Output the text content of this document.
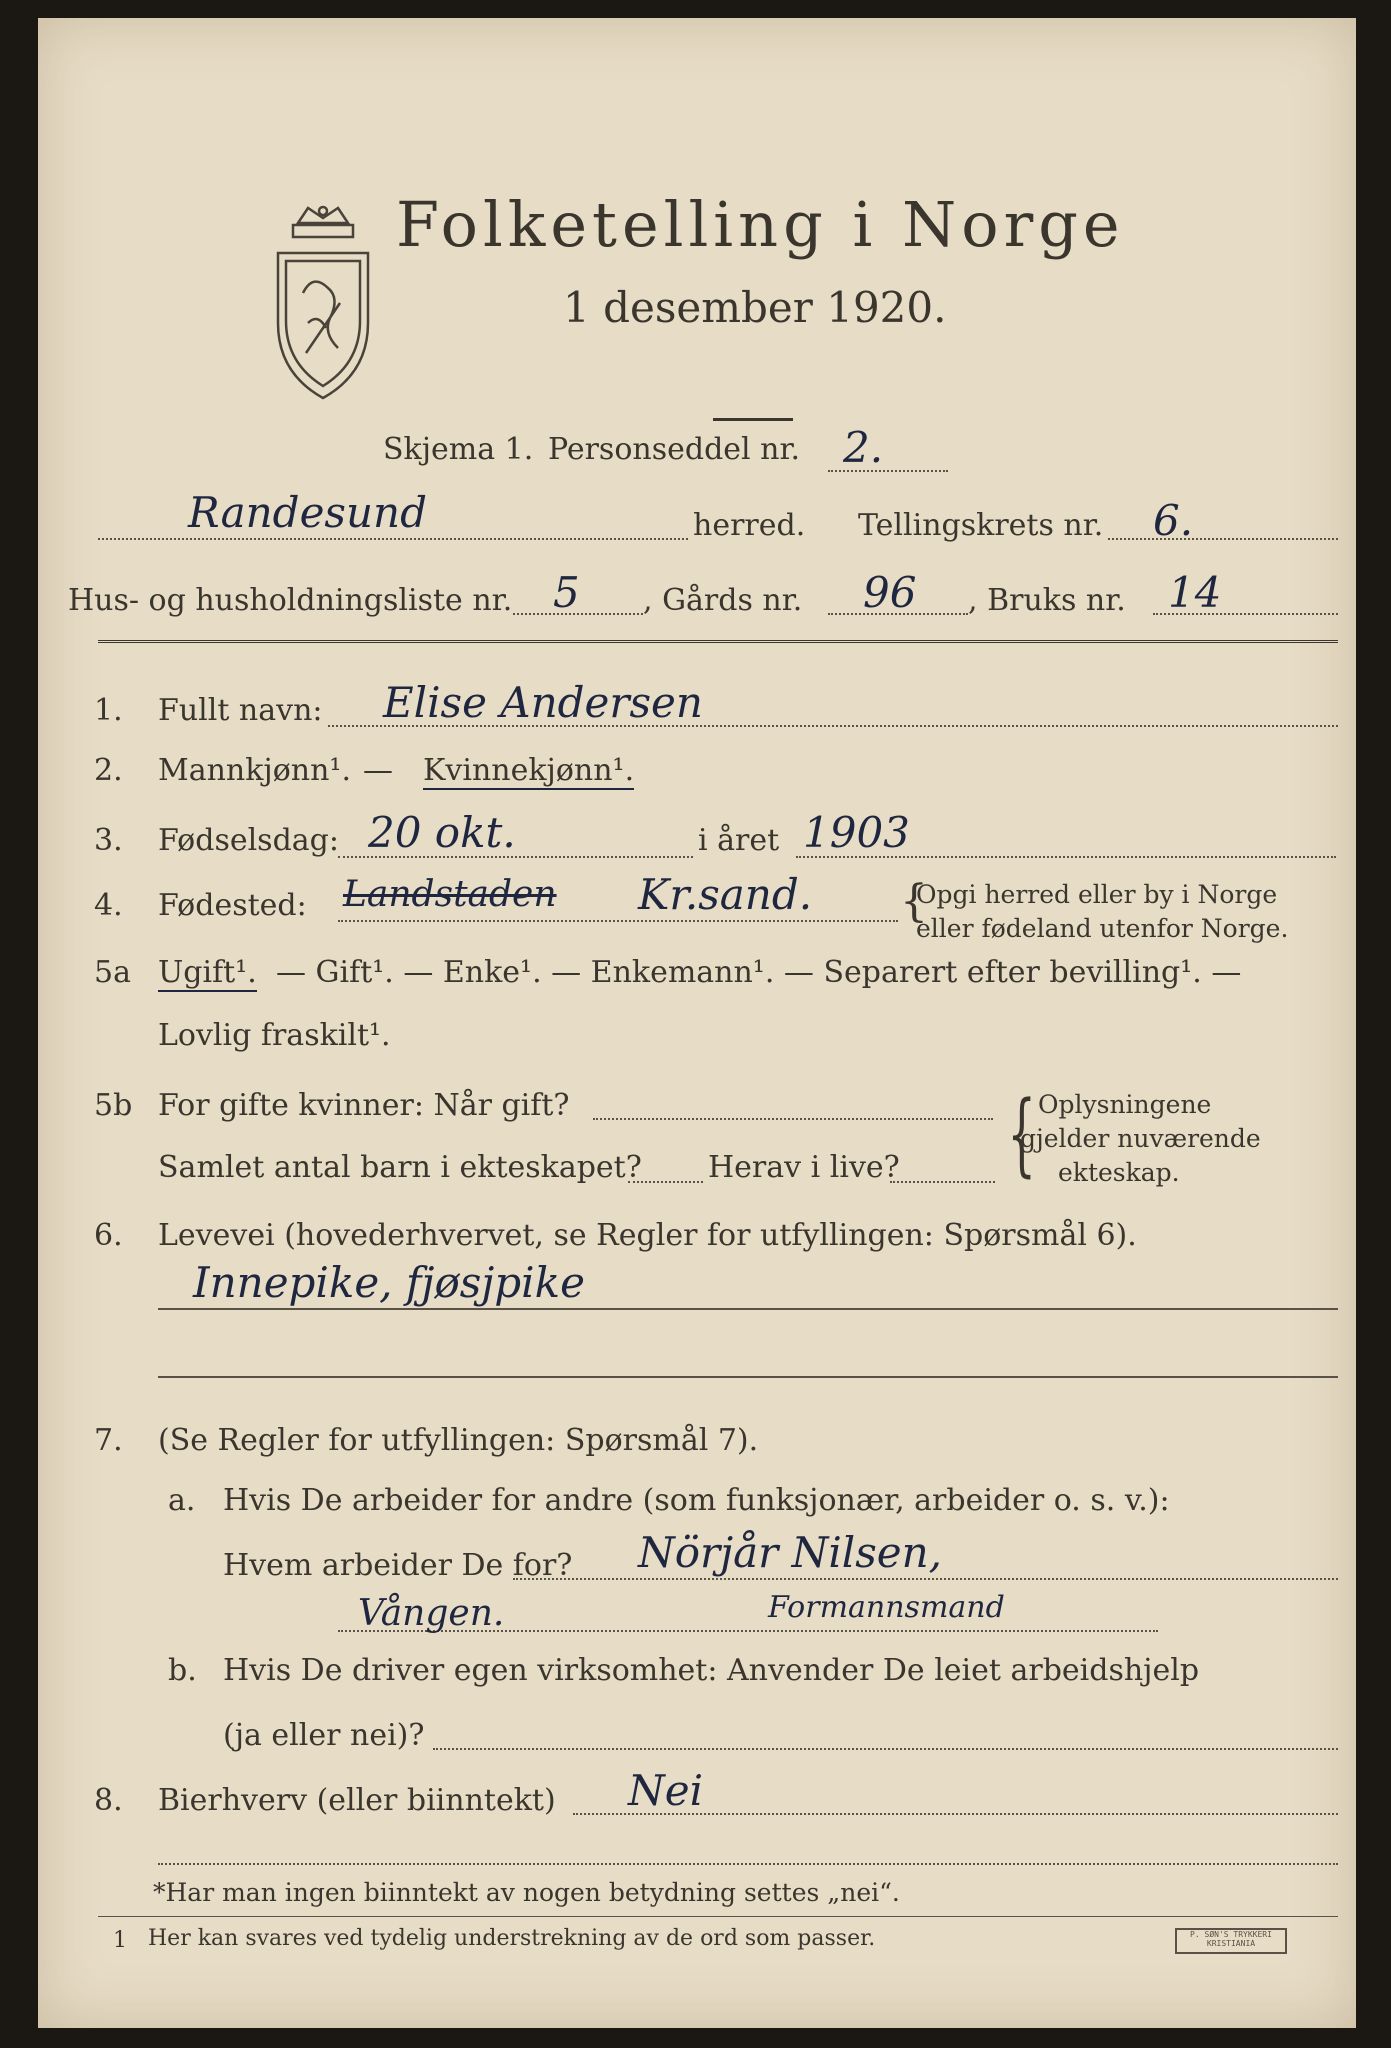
Folketelling i Norge
1 desember 1920.
Skjema 1. Personseddel nr. 2.
Randesund	herred. Tellingskrets nr. 6.
Hus- og husholdningsliste nr. 5 , Gårds nr. 96 , Bruks nr. 14
1. Fullt navn: Elise Andersen
2. Mannkjønn¹. — Kvinnekjønn¹.
3. Fødselsdag: 20 okt.	i året 1903
4. Fødested: Landstaden Kr.sand. {
Opgi herred eller by i Norge
eller fødeland utenfor Norge.
5a Ugift¹. — Gift¹. — Enke¹. — Enkemann¹. — Separert efter bevilling¹. —
Lovlig fraskilt¹.
5b For gifte kvinner: Når gift?
Samlet antal barn i ekteskapet? Herav i live? { Oplysningene
gjelder nuværende
ekteskap.
6. Levevei (hovederhvervet, se Regler for utfyllingen: Spørsmål 6).
Innepike, fjøsjpike
7. (Se Regler for utfyllingen: Spørsmål 7).
a. Hvis De arbeider for andre (som funksjonær, arbeider o. s. v.):
Hvem arbeider De for? Nörjår Nilsen,
Vången.	Formannsmand
b. Hvis De driver egen virksomhet: Anvender De leiet arbeidshjelp
(ja eller nei)?
8. Bierhverv (eller biinntekt) Nei
*Har man ingen biinntekt av nogen betydning settes „nei“.
1 Her kan svares ved tydelig understrekning av de ord som passer.	P. SØN'S TRYKKERI KRISTIANIA
